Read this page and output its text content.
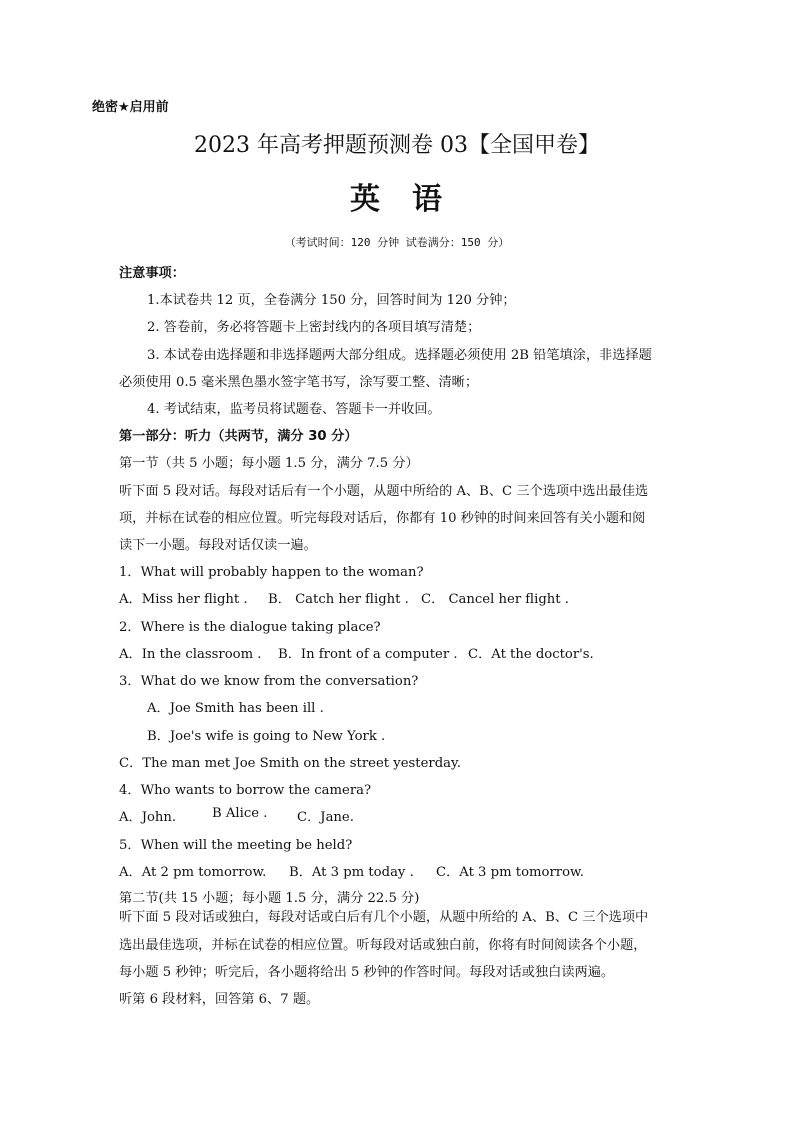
绝密★启用前
2023 年高考押题预测卷 03【全国甲卷】
英 语
（考试时间：120 分钟 试卷满分：150 分）
注意事项：
1.本试卷共 12 页，全卷满分 150 分，回答时间为 120 分钟；
2. 答卷前，务必将答题卡上密封线内的各项目填写清楚；
3. 本试卷由选择题和非选择题两大部分组成。选择题必须使用 2B 铅笔填涂，非选择题
必须使用 0.5 毫米黑色墨水签字笔书写，涂写要工整、清晰；
4. 考试结束，监考员将试题卷、答题卡一并收回。
第一部分：听力（共两节，满分 30 分）
第一节（共 5 小题；每小题 1.5 分，满分 7.5 分）
听下面 5 段对话。每段对话后有一个小题，从题中所给的 A、B、C 三个选项中选出最佳选
项，并标在试卷的相应位置。听完每段对话后，你都有 10 秒钟的时间来回答有关小题和阅
读下一小题。每段对话仅读一遍。
1．What will probably happen to the woman?
A．Miss her flight . B． Catch her flight . C． Cancel her flight .
2．Where is the dialogue taking place?
A．In the classroom . B．In front of a computer . C．At the doctor's.
3．What do we know from the conversation?
A．Joe Smith has been ill .
B．Joe's wife is going to New York .
C．The man met Joe Smith on the street yesterday.
4．Who wants to borrow the camera?
A．John.	B Alice . C．Jane.
5．When will the meeting be held?
A．At 2 pm tomorrow. B．At 3 pm today . C．At 3 pm tomorrow.
第二节(共 15 小题；每小题 1.5 分，满分 22.5 分)
听下面 5 段对话或独白，每段对话或白后有几个小题，从题中所给的 A、B、C 三个选项中
选出最佳选项，并标在试卷的相应位置。听每段对话或独白前，你将有时间阅读各个小题，
每小题 5 秒钟；听完后，各小题将给出 5 秒钟的作答时间。每段对话或独白读两遍。
听第 6 段材料，回答第 6、7 题。
